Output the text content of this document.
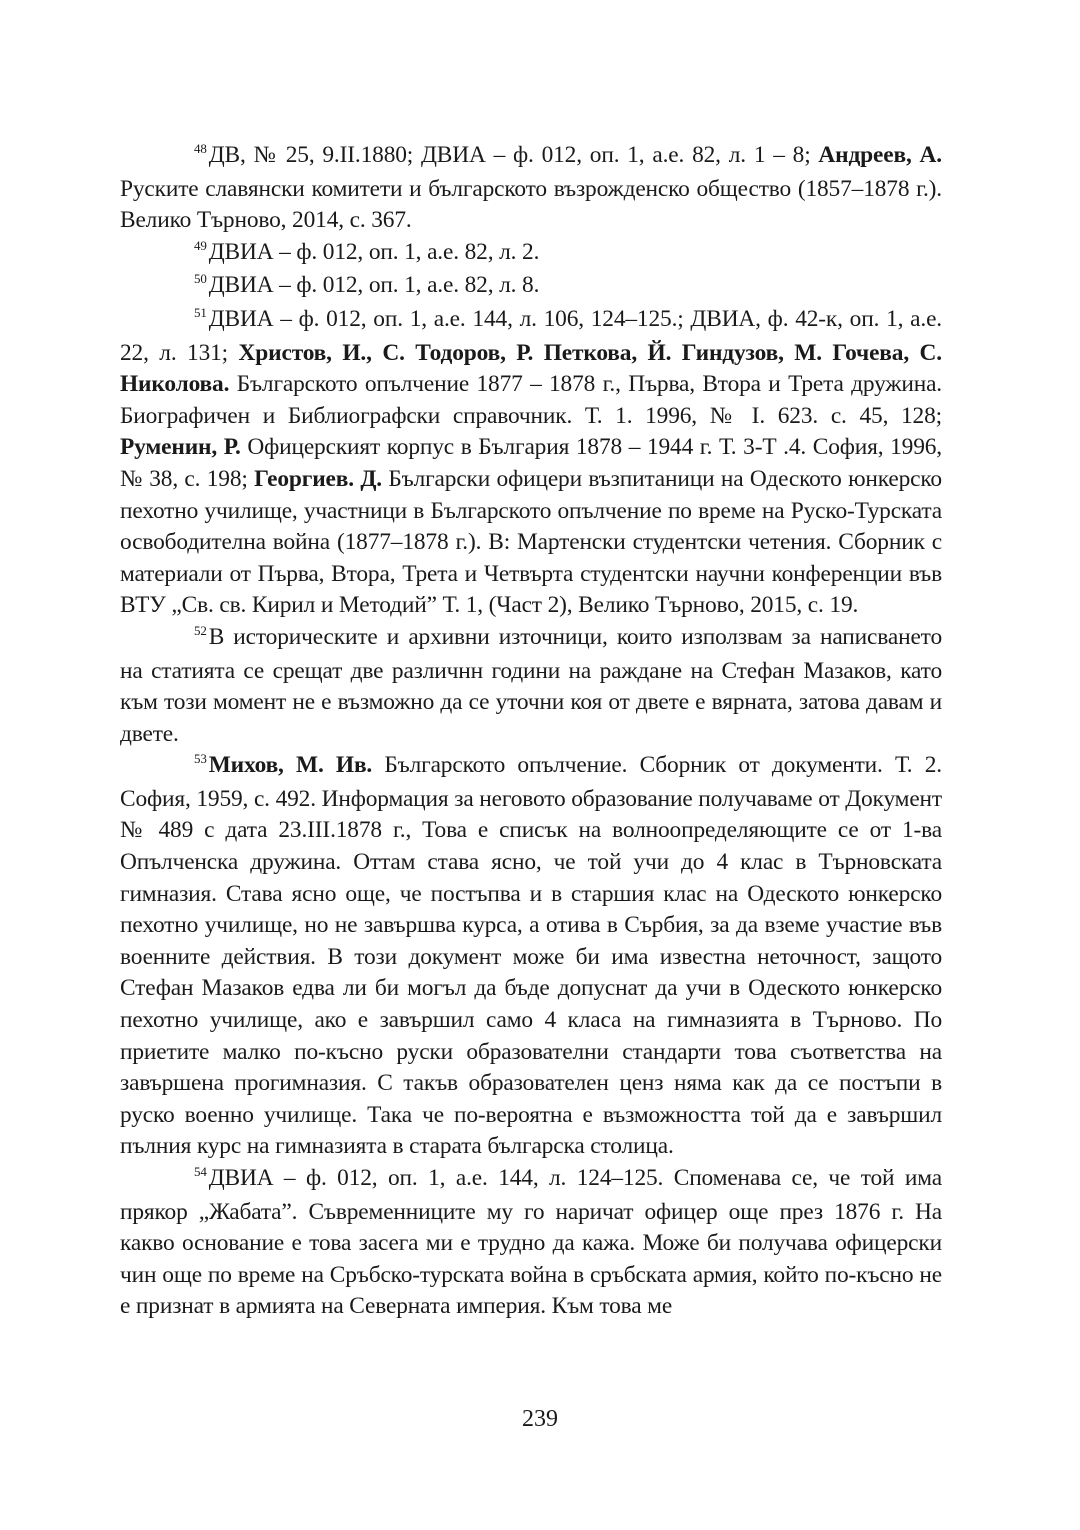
$^{48}$ДВ, № 25, 9.II.1880; ДВИА – ф. 012, оп. 1, а.е. 82, л. 1 – 8; Андреев, А. Руските славянски комитети и българското възрожденско общество (1857–1878 г.). Велико Търново, 2014, с. 367.

$^{49}$ДВИА – ф. 012, оп. 1, а.е. 82, л. 2.

$^{50}$ДВИА – ф. 012, оп. 1, а.е. 82, л. 8.

$^{51}$ДВИА – ф. 012, оп. 1, а.е. 144, л. 106, 124–125.; ДВИА, ф. 42-к, оп. 1, а.е. 22, л. 131; Христов, И., С. Тодоров, Р. Петкова, Й. Гиндузов, М. Гочева, С. Николова. Българското опълчение 1877 – 1878 г., Първа, Втора и Трета дружина. Биографичен и Библиографски справочник. Т. 1. 1996, № I. 623. с. 45, 128; Руменин, Р. Офицерският корпус в България 1878 – 1944 г. Т. 3-Т .4. София, 1996, № 38, с. 198; Георгиев. Д. Български офицери възпитаници на Одеското юнкерско пехотно училище, участници в Българското опълчение по време на Руско-Турската освободителна война (1877–1878 г.). В: Мартенски студентски четения. Сборник с материали от Първа, Втора, Трета и Четвърта студентски научни конференции във ВТУ „Св. св. Кирил и Методий” Т. 1, (Част 2), Велико Търново, 2015, с. 19.

$^{52}$В историческите и архивни източници, които използвам за написването на статията се срещат две различнн години на раждане на Стефан Мазаков, като към този момент не е възможно да се уточни коя от двете е вярната, затова давам и двете.

$^{53}$Михов, М. Ив. Българското опълчение. Сборник от документи. Т. 2. София, 1959, с. 492. Информация за неговото образование получаваме от Документ № 489 с дата 23.III.1878 г., Това е списък на волноопределяющите се от 1-ва Опълченска дружина. Оттам става ясно, че той учи до 4 клас в Търновската гимназия. Става ясно още, че постъпва и в старшия клас на Одеското юнкерско пехотно училище, но не завършва курса, а отива в Сърбия, за да вземе участие във военните действия. В този документ може би има известна неточност, защото Стефан Мазаков едва ли би могъл да бъде допуснат да учи в Одеското юнкерско пехотно училище, ако е завършил само 4 класа на гимназията в Търново. По приетите малко по-късно руски образователни стандарти това съответства на завършена прогимназия. С такъв образователен ценз няма как да се постъпи в руско военно училище. Така че по-вероятна е възможността той да е завършил пълния курс на гимназията в старата българска столица.

$^{54}$ДВИА – ф. 012, оп. 1, а.е. 144, л. 124–125. Споменава се, че той има прякор „Жабата”. Съвременниците му го наричат офицер още през 1876 г. На какво основание е това засега ми е трудно да кажа. Може би получава офицерски чин още по време на Сръбско-турската война в сръбската армия, който по-късно не е признат в армията на Северната империя. Към това ме

239
